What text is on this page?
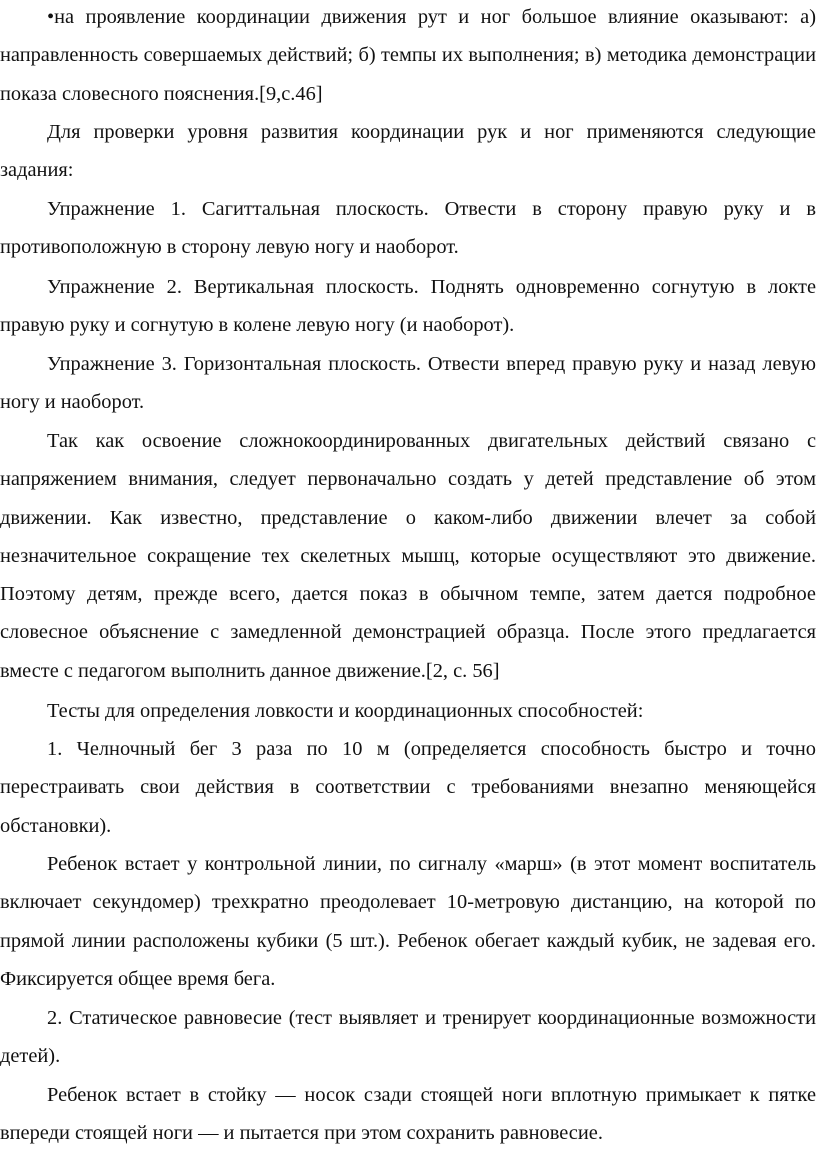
•на проявление координации движения рут и ног большое влияние оказывают: а) направленность совершаемых действий; б) темпы их выполнения; в) методика демонстрации показа словесного пояснения.[9,с.46]

Для проверки уровня развития координации рук и ног применяются следующие задания:

Упражнение 1. Сагиттальная плоскость. Отвести в сторону правую руку и в противоположную в сторону левую ногу и наоборот.

Упражнение 2. Вертикальная плоскость. Поднять одновременно согнутую в локте правую руку и согнутую в колене левую ногу (и наоборот).

Упражнение 3. Горизонтальная плоскость. Отвести вперед правую руку и назад левую ногу и наоборот.

Так как освоение сложнокоординированных двигательных действий связано с напряжением внимания, следует первоначально создать у детей представление об этом движении. Как известно, представление о каком-либо движении влечет за собой незначительное сокращение тех скелетных мышц, которые осуществляют это движение. Поэтому детям, прежде всего, дается показ в обычном темпе, затем дается подробное словесное объяснение с замедленной демонстрацией образца. После этого предлагается вместе с педагогом выполнить данное движение.[2, с. 56]

Тесты для определения ловкости и координационных способностей:

1. Челночный бег 3 раза по 10 м (определяется способность быстро и точно перестраивать свои действия в соответствии с требованиями внезапно меняющейся обстановки).

Ребенок встает у контрольной линии, по сигналу «марш» (в этот момент воспитатель включает секундомер) трехкратно преодолевает 10-метровую дистанцию, на которой по прямой линии расположены кубики (5 шт.). Ребенок обегает каждый кубик, не задевая его. Фиксируется общее время бега.

2. Статическое равновесие (тест выявляет и тренирует координационные возможности детей).

Ребенок встает в стойку — носок сзади стоящей ноги вплотную примыкает к пятке впереди стоящей ноги — и пытается при этом сохранить равновесие.
